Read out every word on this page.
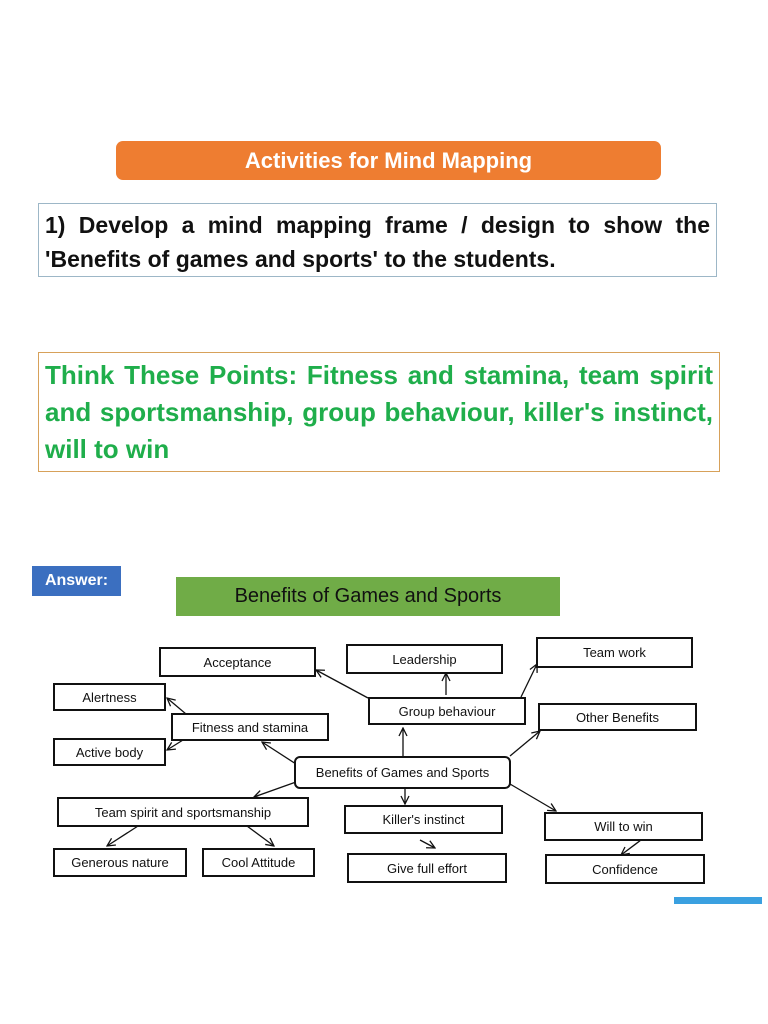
Activities for Mind Mapping
1) Develop a mind mapping frame / design to show the 'Benefits of games and sports' to the students.
Think These Points: Fitness and stamina, team spirit and sportsmanship, group behaviour, killer's instinct, will to win
Answer:
Benefits of Games and Sports
Acceptance	Leadership	Team work
Alertness
Fitness and stamina
Group behaviour	Other Benefits
Active body
Benefits of Games and Sports
Team spirit and sportsmanship	Killer's instinct	Will to win
Generous nature	Cool Attitude	Give full effort	Confidence
